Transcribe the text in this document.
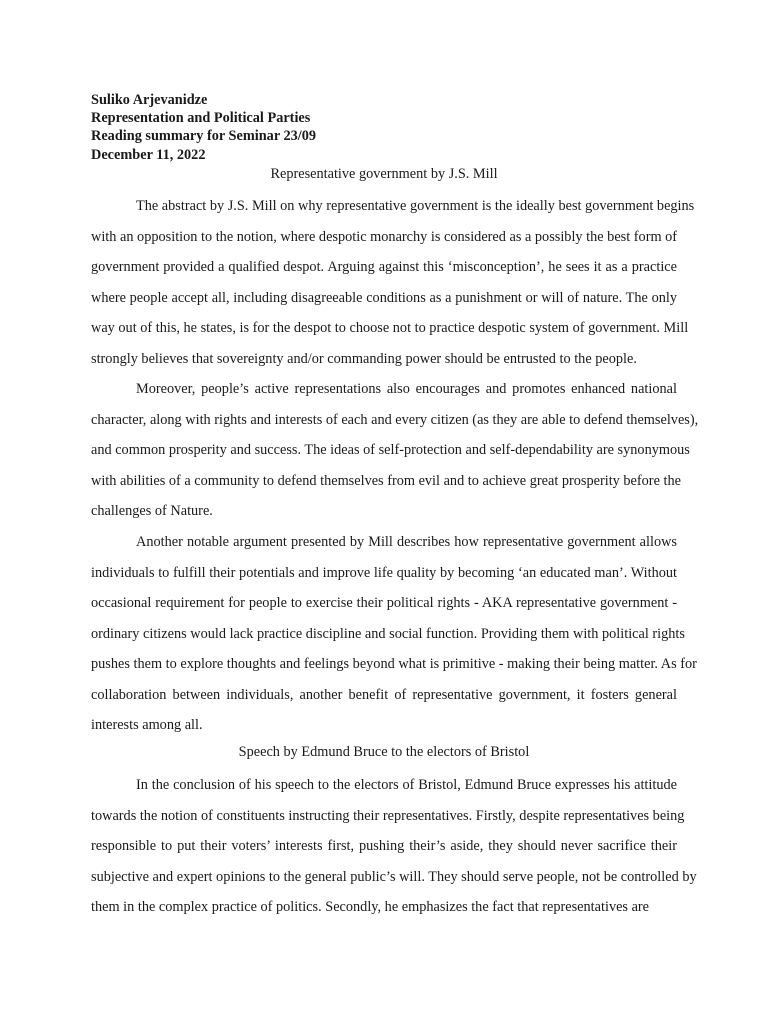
Suliko Arjevanidze
Representation and Political Parties
Reading summary for Seminar 23/09
December 11, 2022
Representative government by J.S. Mill
The abstract by J.S. Mill on why representative government is the ideally best government begins
with an opposition to the notion, where despotic monarchy is considered as a possibly the best form of
government provided a qualified despot. Arguing against this ‘misconception’, he sees it as a practice
where people accept all, including disagreeable conditions as a punishment or will of nature. The only
way out of this, he states, is for the despot to choose not to practice despotic system of government. Mill
strongly believes that sovereignty and/or commanding power should be entrusted to the people.
Moreover, people’s active representations also encourages and promotes enhanced national
character, along with rights and interests of each and every citizen (as they are able to defend themselves),
and common prosperity and success. The ideas of self-protection and self-dependability are synonymous
with abilities of a community to defend themselves from evil and to achieve great prosperity before the
challenges of Nature.
Another notable argument presented by Mill describes how representative government allows
individuals to fulfill their potentials and improve life quality by becoming ‘an educated man’. Without
occasional requirement for people to exercise their political rights - AKA representative government -
ordinary citizens would lack practice discipline and social function. Providing them with political rights
pushes them to explore thoughts and feelings beyond what is primitive - making their being matter. As for
collaboration between individuals, another benefit of representative government, it fosters general
interests among all.
Speech by Edmund Bruce to the electors of Bristol
In the conclusion of his speech to the electors of Bristol, Edmund Bruce expresses his attitude
towards the notion of constituents instructing their representatives. Firstly, despite representatives being
responsible to put their voters’ interests first, pushing their’s aside, they should never sacrifice their
subjective and expert opinions to the general public’s will. They should serve people, not be controlled by
them in the complex practice of politics. Secondly, he emphasizes the fact that representatives are
